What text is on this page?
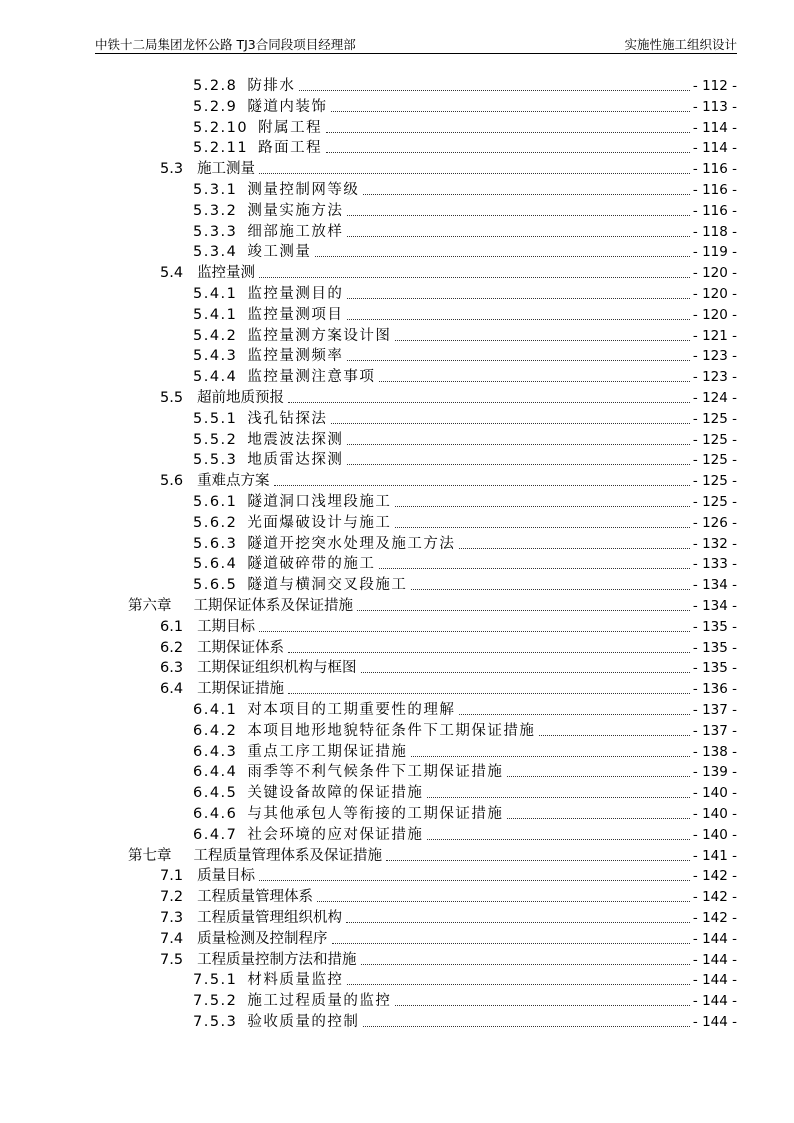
中铁十二局集团龙怀公路 TJ3合同段项目经理部	实施性施工组织设计
5.2.8 防排水	- 112 -
5.2.9 隧道内装饰	- 113 -
5.2.10 附属工程	- 114 -
5.2.11 路面工程	- 114 -
5.3 施工测量	- 116 -
5.3.1 测量控制网等级	- 116 -
5.3.2 测量实施方法	- 116 -
5.3.3 细部施工放样	- 118 -
5.3.4 竣工测量	- 119 -
5.4 监控量测	- 120 -
5.4.1 监控量测目的	- 120 -
5.4.1 监控量测项目	- 120 -
5.4.2 监控量测方案设计图	- 121 -
5.4.3 监控量测频率	- 123 -
5.4.4 监控量测注意事项	- 123 -
5.5 超前地质预报	- 124 -
5.5.1 浅孔钻探法	- 125 -
5.5.2 地震波法探测	- 125 -
5.5.3 地质雷达探测	- 125 -
5.6 重难点方案	- 125 -
5.6.1 隧道洞口浅埋段施工	- 125 -
5.6.2 光面爆破设计与施工	- 126 -
5.6.3 隧道开挖突水处理及施工方法	- 132 -
5.6.4 隧道破碎带的施工	- 133 -
5.6.5 隧道与横洞交叉段施工	- 134 -
第六章 工期保证体系及保证措施	- 134 -
6.1 工期目标	- 135 -
6.2 工期保证体系	- 135 -
6.3 工期保证组织机构与框图	- 135 -
6.4 工期保证措施	- 136 -
6.4.1 对本项目的工期重要性的理解	- 137 -
6.4.2 本项目地形地貌特征条件下工期保证措施	- 137 -
6.4.3 重点工序工期保证措施	- 138 -
6.4.4 雨季等不利气候条件下工期保证措施	- 139 -
6.4.5 关键设备故障的保证措施	- 140 -
6.4.6 与其他承包人等衔接的工期保证措施	- 140 -
6.4.7 社会环境的应对保证措施	- 140 -
第七章 工程质量管理体系及保证措施	- 141 -
7.1 质量目标	- 142 -
7.2 工程质量管理体系	- 142 -
7.3 工程质量管理组织机构	- 142 -
7.4 质量检测及控制程序	- 144 -
7.5 工程质量控制方法和措施	- 144 -
7.5.1 材料质量监控	- 144 -
7.5.2 施工过程质量的监控	- 144 -
7.5.3 验收质量的控制	- 144 -
